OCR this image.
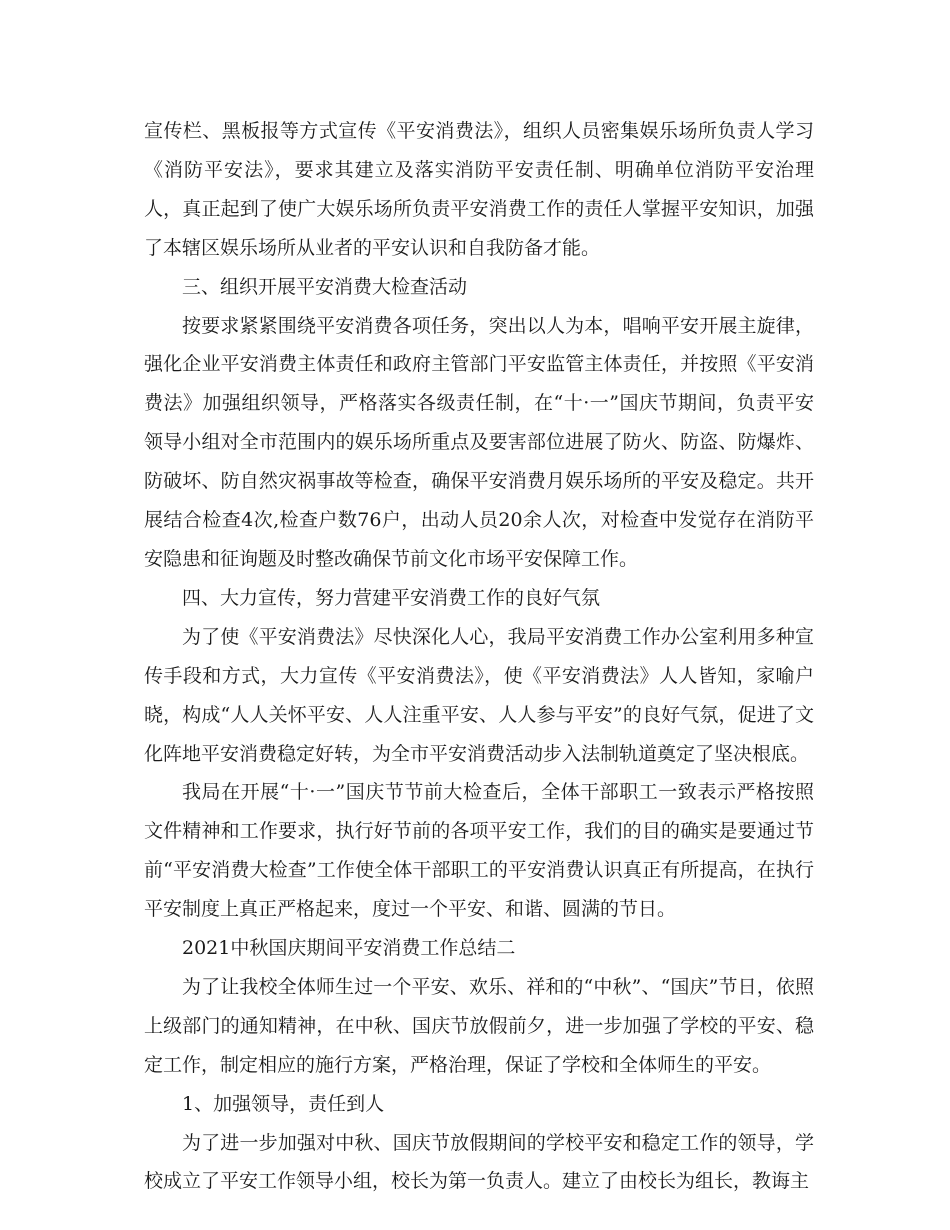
宣传栏、黑板报等方式宣传《平安消费法》，组织人员密集娱乐场所负责人学习《消防平安法》，要求其建立及落实消防平安责任制、明确单位消防平安治理人，真正起到了使广大娱乐场所负责平安消费工作的责任人掌握平安知识，加强了本辖区娱乐场所从业者的平安认识和自我防备才能。

三、组织开展平安消费大检查活动

按要求紧紧围绕平安消费各项任务，突出以人为本，唱响平安开展主旋律，强化企业平安消费主体责任和政府主管部门平安监管主体责任，并按照《平安消费法》加强组织领导，严格落实各级责任制，在“十·一”国庆节期间，负责平安领导小组对全市范围内的娱乐场所重点及要害部位进展了防火、防盗、防爆炸、防破坏、防自然灾祸事故等检查，确保平安消费月娱乐场所的平安及稳定。共开展结合检查4次,检查户数76户，出动人员20余人次，对检查中发觉存在消防平安隐患和征询题及时整改确保节前文化市场平安保障工作。

四、大力宣传，努力营建平安消费工作的良好气氛

为了使《平安消费法》尽快深化人心，我局平安消费工作办公室利用多种宣传手段和方式，大力宣传《平安消费法》，使《平安消费法》人人皆知，家喻户晓，构成“人人关怀平安、人人注重平安、人人参与平安”的良好气氛，促进了文化阵地平安消费稳定好转，为全市平安消费活动步入法制轨道奠定了坚决根底。

我局在开展“十·一”国庆节节前大检查后，全体干部职工一致表示严格按照文件精神和工作要求，执行好节前的各项平安工作，我们的目的确实是要通过节前“平安消费大检查”工作使全体干部职工的平安消费认识真正有所提高，在执行平安制度上真正严格起来，度过一个平安、和谐、圆满的节日。

2021中秋国庆期间平安消费工作总结二

为了让我校全体师生过一个平安、欢乐、祥和的“中秋”、“国庆”节日，依照上级部门的通知精神，在中秋、国庆节放假前夕，进一步加强了学校的平安、稳定工作，制定相应的施行方案，严格治理，保证了学校和全体师生的平安。

1、加强领导，责任到人

为了进一步加强对中秋、国庆节放假期间的学校平安和稳定工作的领导，学校成立了平安工作领导小组，校长为第一负责人。建立了由校长为组长，教诲主
